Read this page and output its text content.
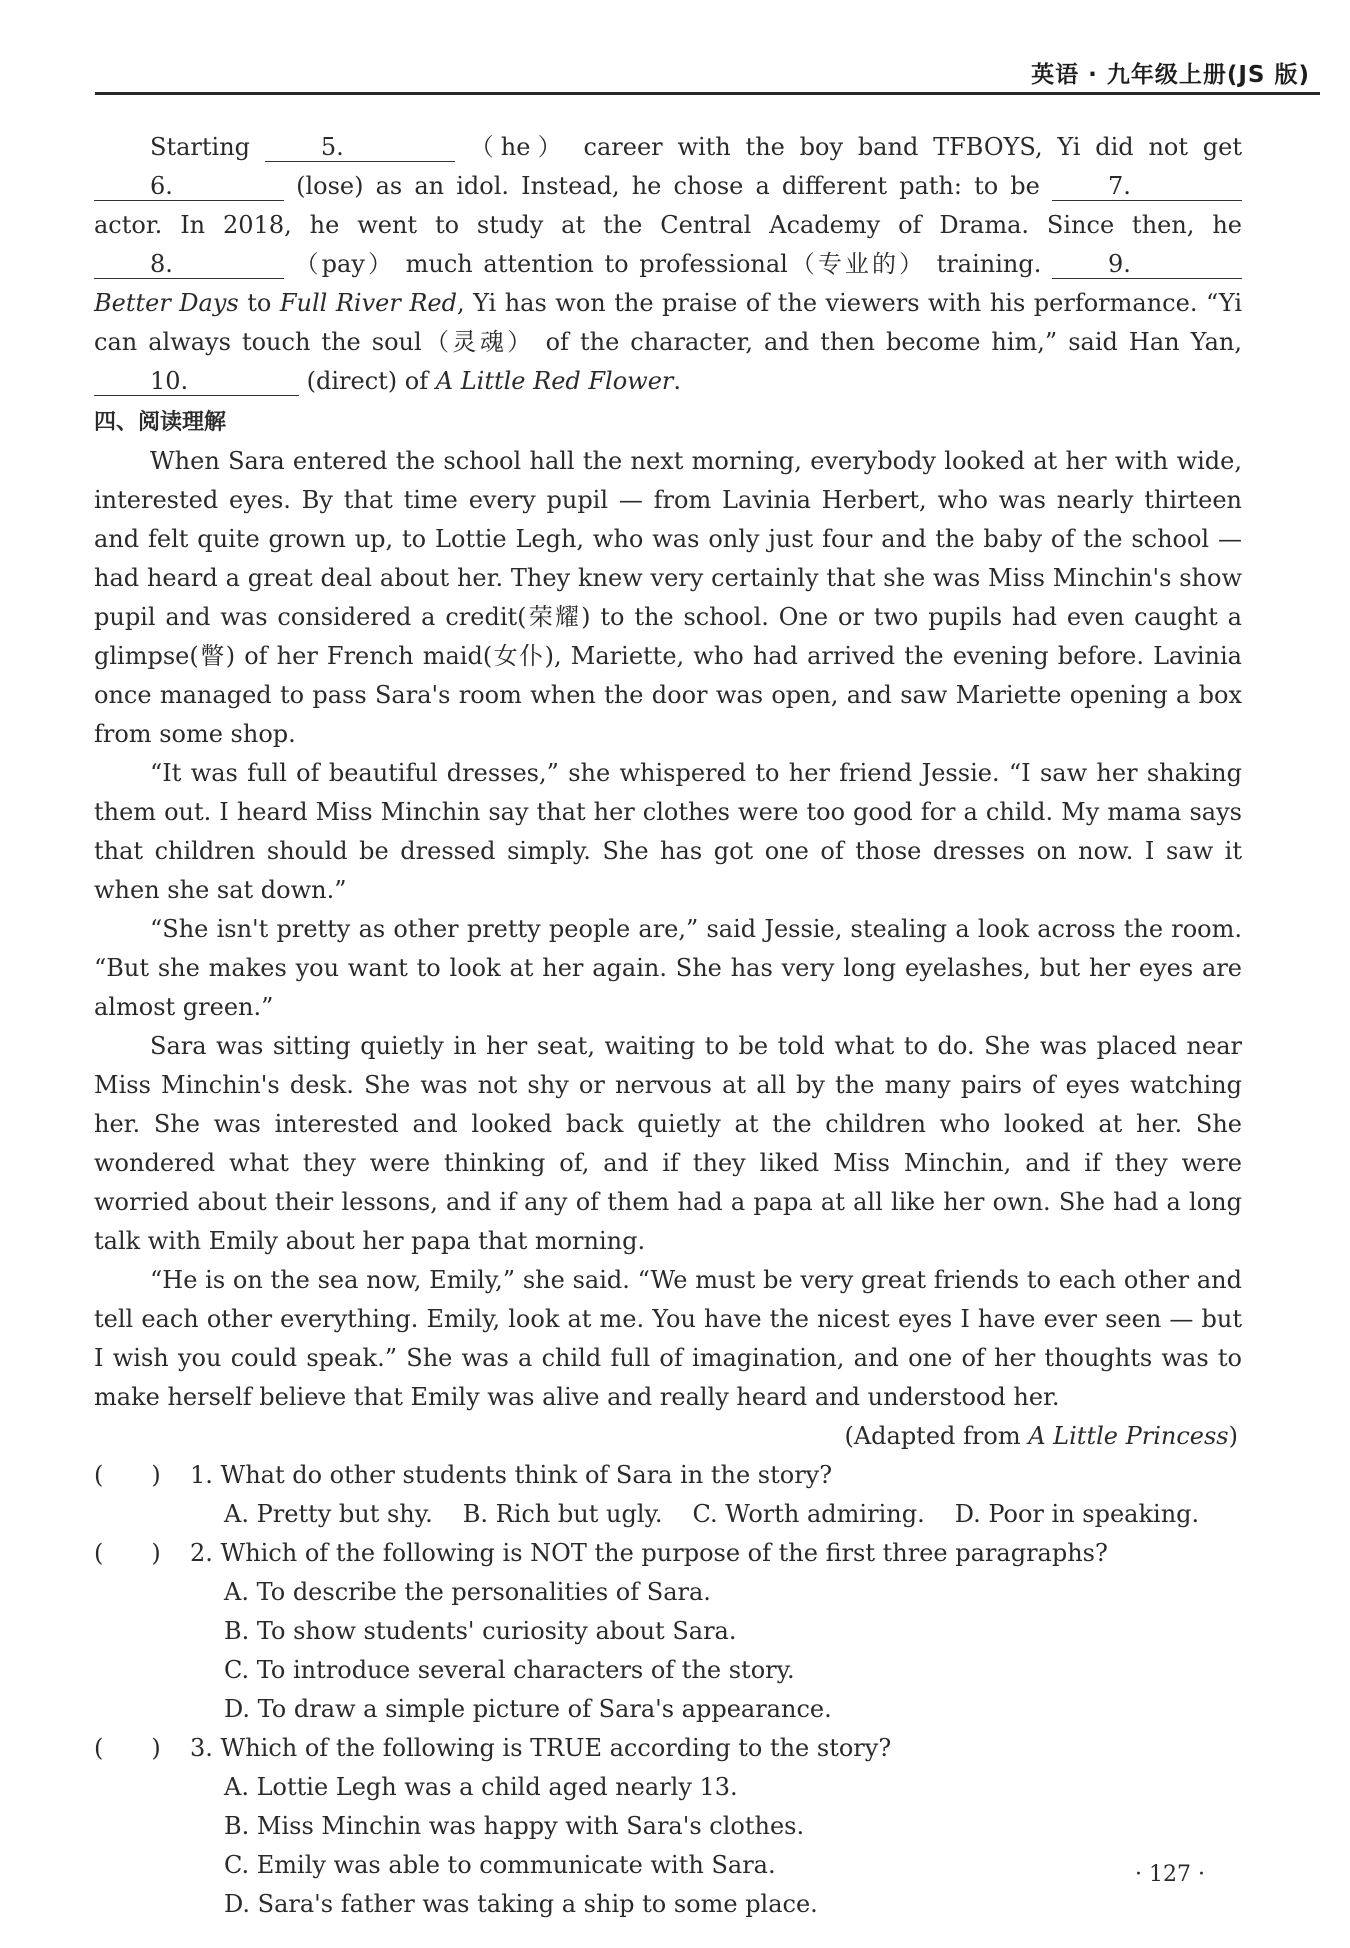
英语 · 九年级上册(JS 版)

Starting 5.	（he） career with the boy band TFBOYS, Yi did not get 6.	(lose) as an idol. Instead, he chose a different path: to be 7. actor. In 2018, he went to study at the Central Academy of Drama. Since then, he 8.	（pay） much attention to professional（专业的） training. 9. Better Days to Full River Red, Yi has won the praise of the viewers with his performance. “Yi can always touch the soul（灵魂） of the character, and then become him,” said Han Yan, 10.	(direct) of A Little Red Flower.

四、阅读理解

When Sara entered the school hall the next morning, everybody looked at her with wide, interested eyes. By that time every pupil — from Lavinia Herbert, who was nearly thirteen and felt quite grown up, to Lottie Legh, who was only just four and the baby of the school — had heard a great deal about her. They knew very certainly that she was Miss Minchin's show pupil and was considered a credit(荣耀) to the school. One or two pupils had even caught a glimpse(瞥) of her French maid(女仆), Mariette, who had arrived the evening before. Lavinia once managed to pass Sara's room when the door was open, and saw Mariette opening a box from some shop.

“It was full of beautiful dresses,” she whispered to her friend Jessie. “I saw her shaking them out. I heard Miss Minchin say that her clothes were too good for a child. My mama says that children should be dressed simply. She has got one of those dresses on now. I saw it when she sat down.”

“She isn't pretty as other pretty people are,” said Jessie, stealing a look across the room. “But she makes you want to look at her again. She has very long eyelashes, but her eyes are almost green.”

Sara was sitting quietly in her seat, waiting to be told what to do. She was placed near Miss Minchin's desk. She was not shy or nervous at all by the many pairs of eyes watching her. She was interested and looked back quietly at the children who looked at her. She wondered what they were thinking of, and if they liked Miss Minchin, and if they were worried about their lessons, and if any of them had a papa at all like her own. She had a long talk with Emily about her papa that morning.

“He is on the sea now, Emily,” she said. “We must be very great friends to each other and tell each other everything. Emily, look at me. You have the nicest eyes I have ever seen — but I wish you could speak.” She was a child full of imagination, and one of her thoughts was to make herself believe that Emily was alive and really heard and understood her.

(Adapted from A Little Princess)

(　　) 1. What do other students think of Sara in the story?
A. Pretty but shy. B. Rich but ugly. C. Worth admiring. D. Poor in speaking.
(　　) 2. Which of the following is NOT the purpose of the first three paragraphs?
A. To describe the personalities of Sara.
B. To show students' curiosity about Sara.
C. To introduce several characters of the story.
D. To draw a simple picture of Sara's appearance.
(　　) 3. Which of the following is TRUE according to the story?
A. Lottie Legh was a child aged nearly 13.
B. Miss Minchin was happy with Sara's clothes.
C. Emily was able to communicate with Sara.
D. Sara's father was taking a ship to some place.
· 127 ·
